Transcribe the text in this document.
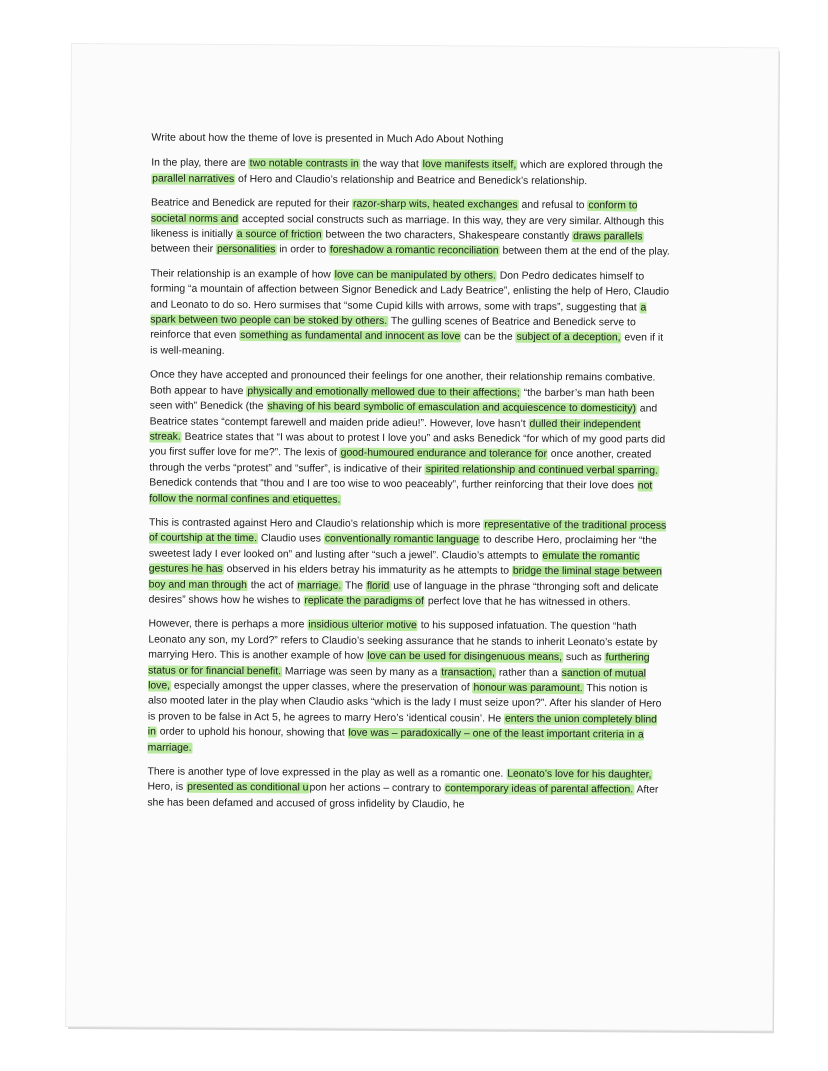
Write about how the theme of love is presented in Much Ado About Nothing

In the play, there are two notable contrasts in the way that love manifests itself, which are explored through the parallel narratives of Hero and Claudio’s relationship and Beatrice and Benedick’s relationship.

Beatrice and Benedick are reputed for their razor-sharp wits, heated exchanges and refusal to conform to societal norms and accepted social constructs such as marriage. In this way, they are very similar. Although this likeness is initially a source of friction between the two characters, Shakespeare constantly draws parallels between their personalities in order to foreshadow a romantic reconciliation between them at the end of the play.

Their relationship is an example of how love can be manipulated by others. Don Pedro dedicates himself to forming “a mountain of affection between Signor Benedick and Lady Beatrice”, enlisting the help of Hero, Claudio and Leonato to do so. Hero surmises that “some Cupid kills with arrows, some with traps”, suggesting that a spark between two people can be stoked by others. The gulling scenes of Beatrice and Benedick serve to reinforce that even something as fundamental and innocent as love can be the subject of a deception, even if it is well-meaning.

Once they have accepted and pronounced their feelings for one another, their relationship remains combative. Both appear to have physically and emotionally mellowed due to their affections; “the barber’s man hath been seen with” Benedick (the shaving of his beard symbolic of emasculation and acquiescence to domesticity) and Beatrice states “contempt farewell and maiden pride adieu!”. However, love hasn’t dulled their independent streak. Beatrice states that “I was about to protest I love you” and asks Benedick “for which of my good parts did you first suffer love for me?”. The lexis of good-humoured endurance and tolerance for once another, created through the verbs “protest” and “suffer”, is indicative of their spirited relationship and continued verbal sparring. Benedick contends that “thou and I are too wise to woo peaceably”, further reinforcing that their love does not follow the normal confines and etiquettes.

This is contrasted against Hero and Claudio’s relationship which is more representative of the traditional process of courtship at the time. Claudio uses conventionally romantic language to describe Hero, proclaiming her “the sweetest lady I ever looked on” and lusting after “such a jewel”. Claudio’s attempts to emulate the romantic gestures he has observed in his elders betray his immaturity as he attempts to bridge the liminal stage between boy and man through the act of marriage. The florid use of language in the phrase “thronging soft and delicate desires” shows how he wishes to replicate the paradigms of perfect love that he has witnessed in others.

However, there is perhaps a more insidious ulterior motive to his supposed infatuation. The question “hath Leonato any son, my Lord?” refers to Claudio’s seeking assurance that he stands to inherit Leonato’s estate by marrying Hero. This is another example of how love can be used for disingenuous means, such as furthering status or for financial benefit. Marriage was seen by many as a transaction, rather than a sanction of mutual love, especially amongst the upper classes, where the preservation of honour was paramount. This notion is also mooted later in the play when Claudio asks “which is the lady I must seize upon?”. After his slander of Hero is proven to be false in Act 5, he agrees to marry Hero’s ‘identical cousin’. He enters the union completely blind in order to uphold his honour, showing that love was – paradoxically – one of the least important criteria in a marriage.

There is another type of love expressed in the play as well as a romantic one. Leonato’s love for his daughter, Hero, is presented as conditional upon her actions – contrary to contemporary ideas of parental affection. After she has been defamed and accused of gross infidelity by Claudio, he
